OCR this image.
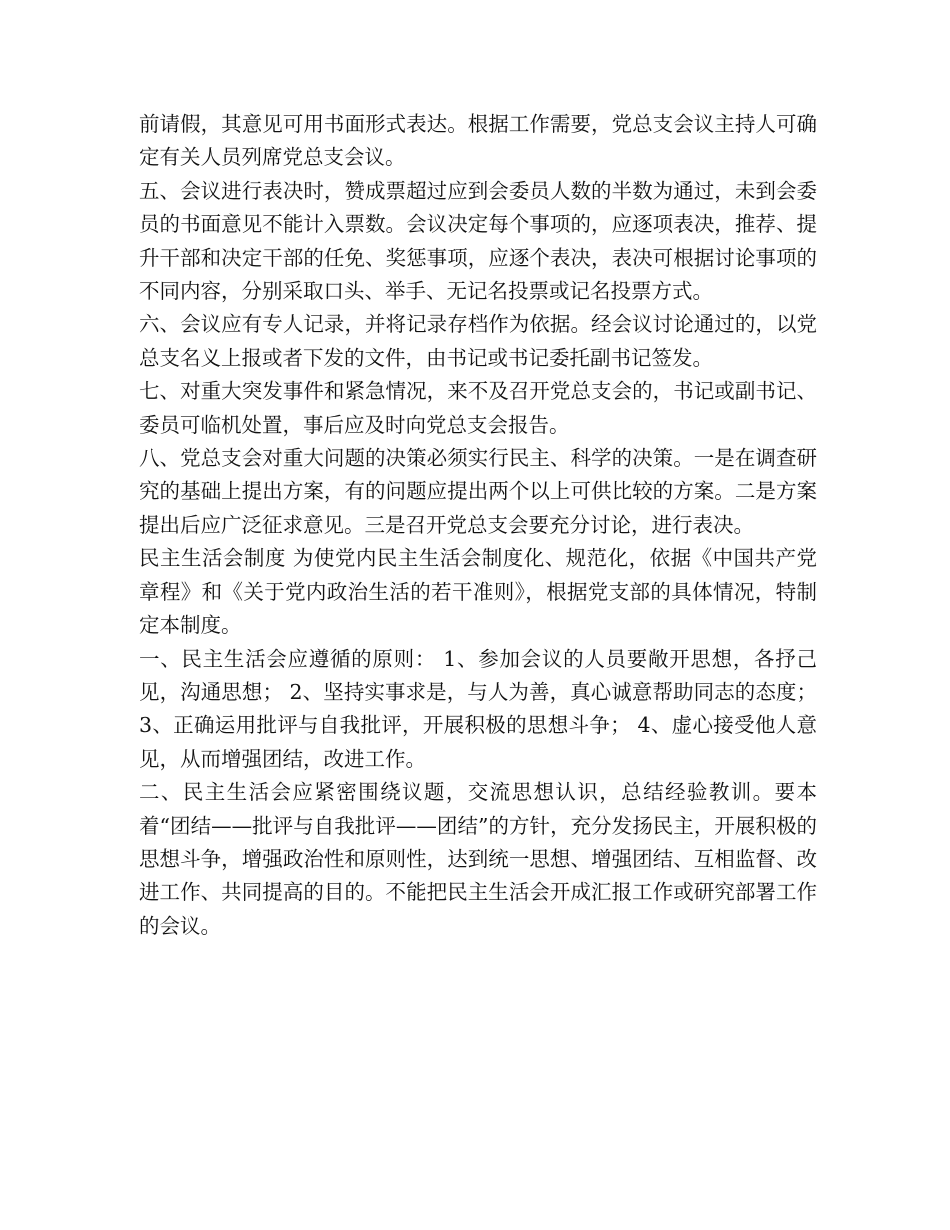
前请假，其意见可用书面形式表达。根据工作需要，党总支会议主持人可确定有关人员列席党总支会议。

五、会议进行表决时，赞成票超过应到会委员人数的半数为通过，未到会委员的书面意见不能计入票数。会议决定每个事项的，应逐项表决，推荐、提升干部和决定干部的任免、奖惩事项，应逐个表决，表决可根据讨论事项的不同内容，分别采取口头、举手、无记名投票或记名投票方式。

六、会议应有专人记录，并将记录存档作为依据。经会议讨论通过的，以党总支名义上报或者下发的文件，由书记或书记委托副书记签发。

七、对重大突发事件和紧急情况，来不及召开党总支会的，书记或副书记、委员可临机处置，事后应及时向党总支会报告。

八、党总支会对重大问题的决策必须实行民主、科学的决策。一是在调查研究的基础上提出方案，有的问题应提出两个以上可供比较的方案。二是方案提出后应广泛征求意见。三是召开党总支会要充分讨论，进行表决。

民主生活会制度 为使党内民主生活会制度化、规范化，依据《中国共产党章程》和《关于党内政治生活的若干准则》，根据党支部的具体情况，特制定本制度。

一、民主生活会应遵循的原则： 1、参加会议的人员要敞开思想，各抒己见，沟通思想； 2、坚持实事求是，与人为善，真心诚意帮助同志的态度； 3、正确运用批评与自我批评，开展积极的思想斗争； 4、虚心接受他人意见，从而增强团结，改进工作。

二、民主生活会应紧密围绕议题，交流思想认识，总结经验教训。要本着“团结——批评与自我批评——团结”的方针，充分发扬民主，开展积极的思想斗争，增强政治性和原则性，达到统一思想、增强团结、互相监督、改进工作、共同提高的目的。不能把民主生活会开成汇报工作或研究部署工作的会议。
